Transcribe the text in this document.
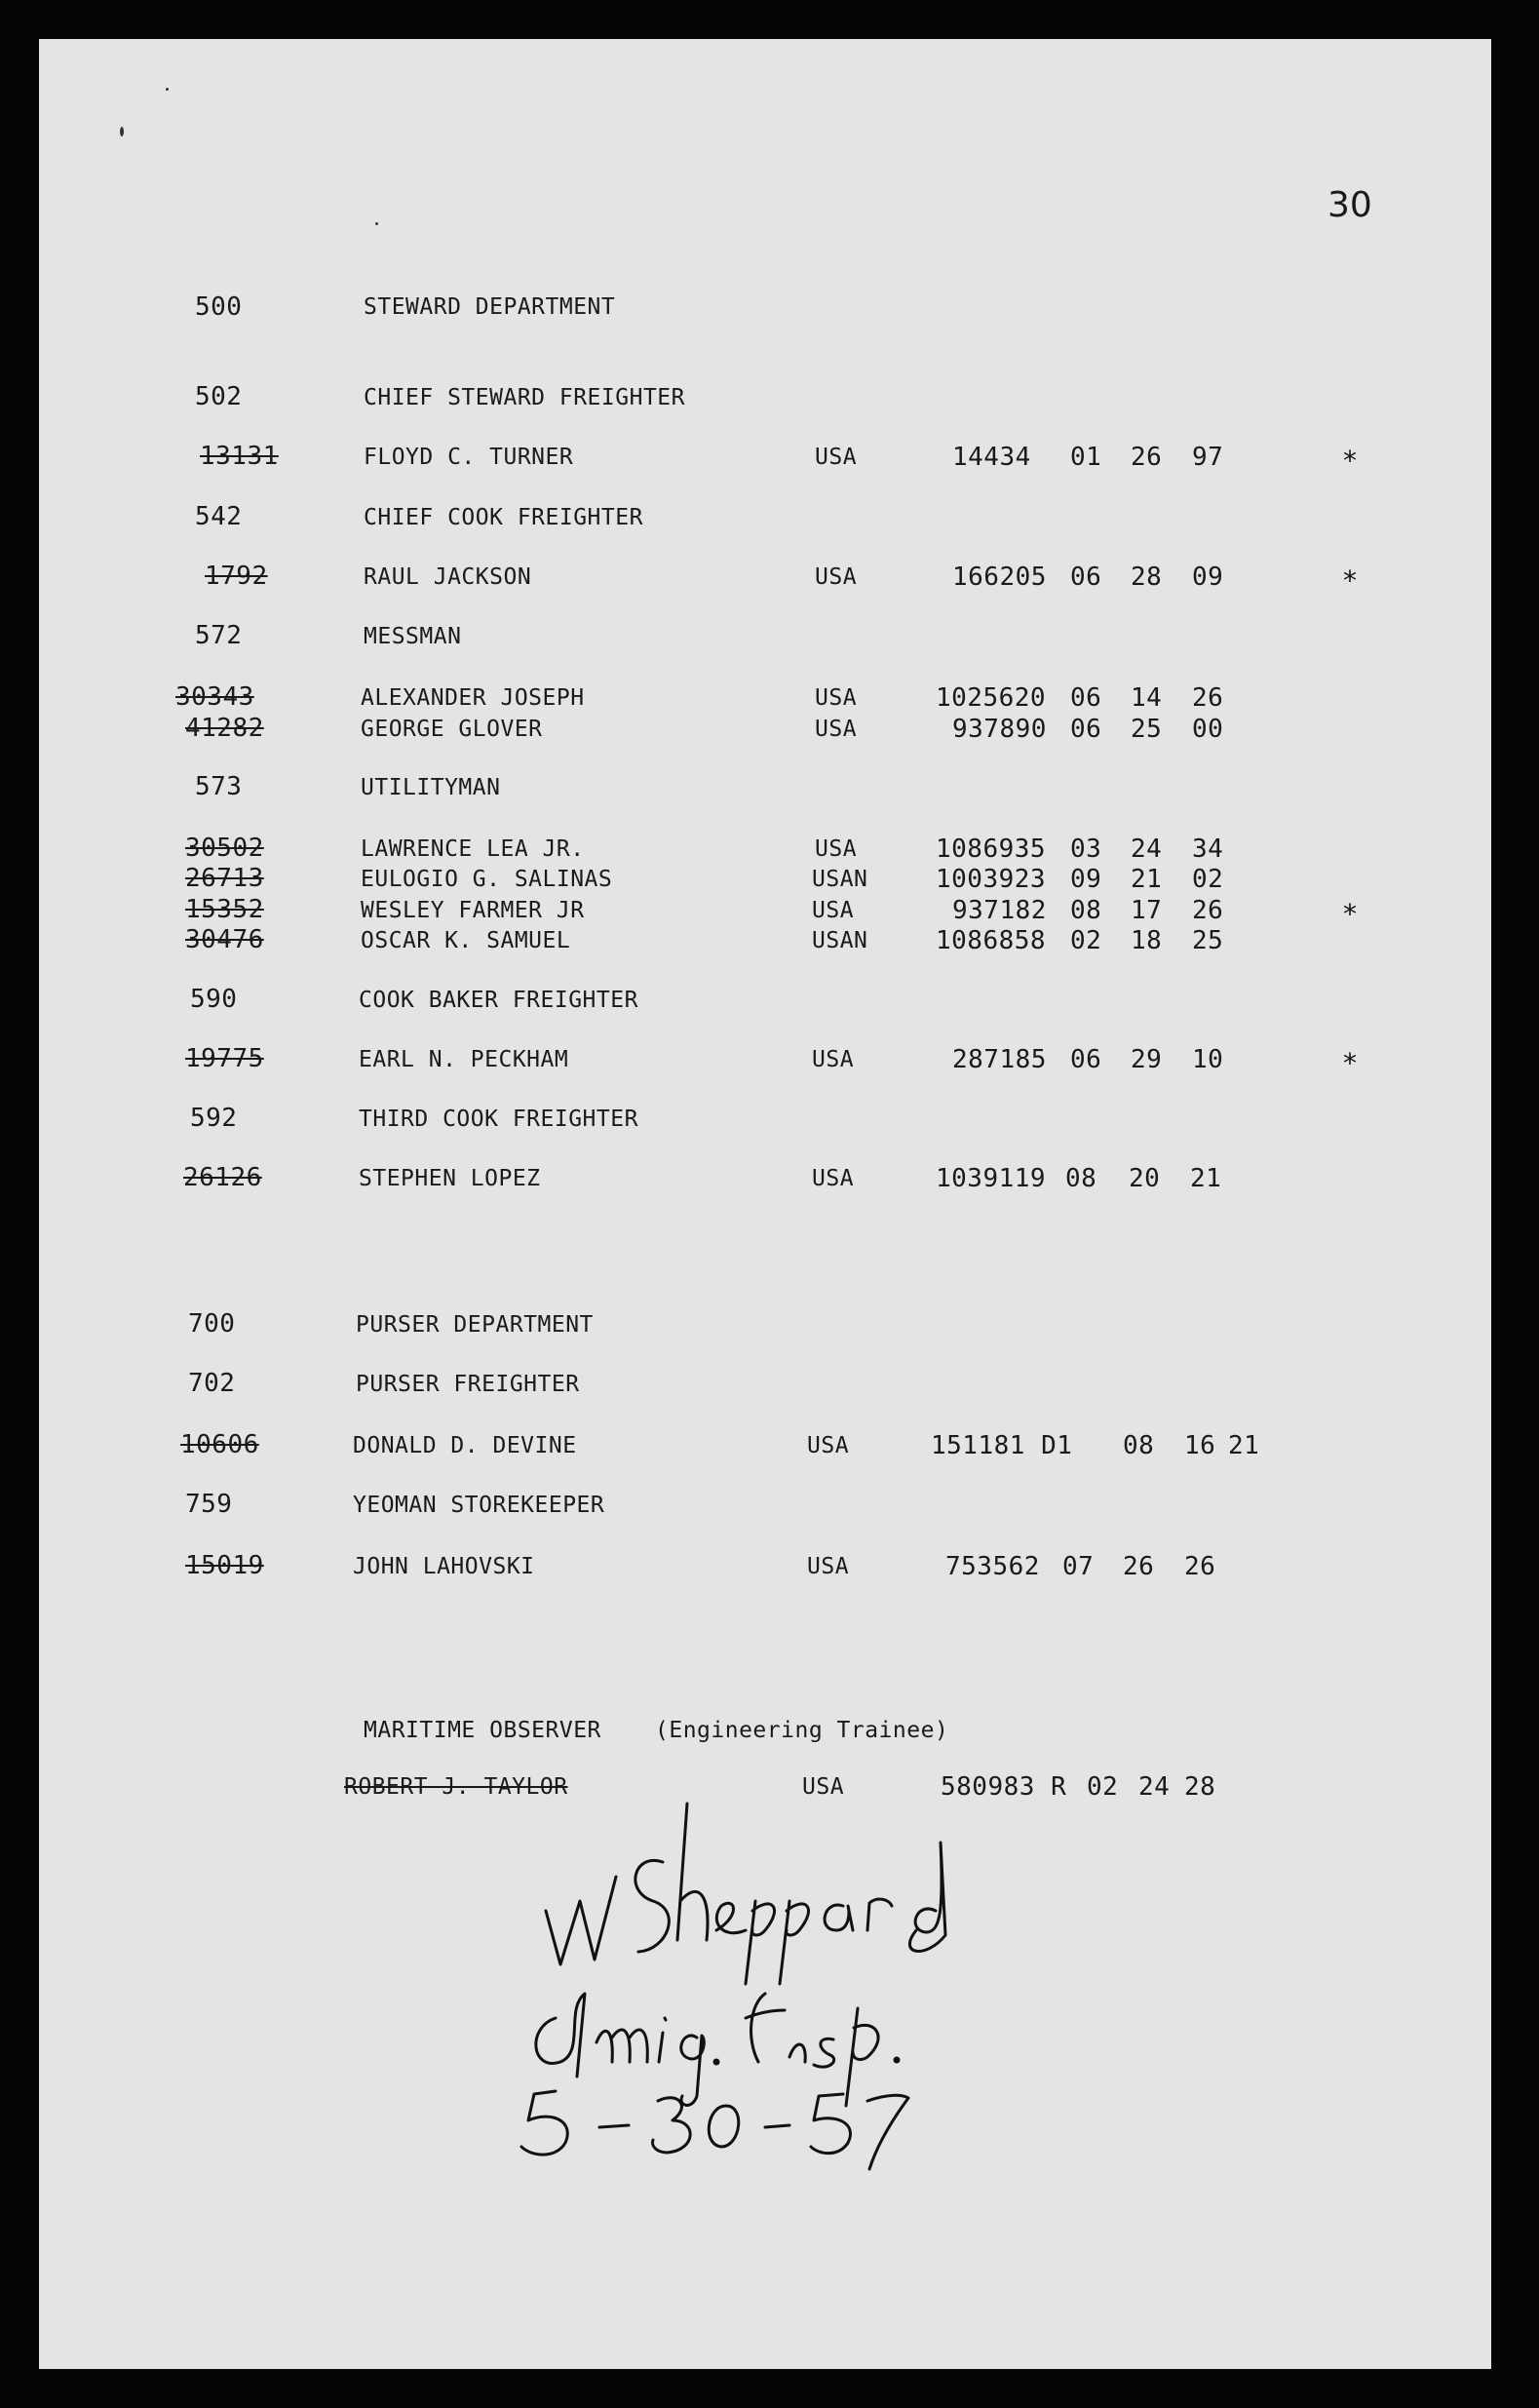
30
500	STEWARD DEPARTMENT
502	CHIEF STEWARD FREIGHTER
13131	FLOYD C. TURNER	USA	14434 01 26 97	*
542	CHIEF COOK FREIGHTER
1792	RAUL JACKSON	USA	166205 06 28 09	*
572	MESSMAN
30343	ALEXANDER JOSEPH	USA	1025620 06 14 26
41282	GEORGE GLOVER	USA	937890 06 25 00
573	UTILITYMAN
30502	LAWRENCE LEA JR.	USA	1086935 03 24 34
26713	EULOGIO G. SALINAS	USAN	1003923 09 21 02
15352	WESLEY FARMER JR	USA	937182 08 17 26	*
30476	OSCAR K. SAMUEL	USAN	1086858 02 18 25
590	COOK BAKER FREIGHTER
19775	EARL N. PECKHAM	USA	287185 06 29 10	*
592	THIRD COOK FREIGHTER
26126	STEPHEN LOPEZ	USA	1039119 08 20 21
700	PURSER DEPARTMENT
702	PURSER FREIGHTER
10606	DONALD D. DEVINE	USA	151181 D1 08 16 21
759	YEOMAN STOREKEEPER
15019	JOHN LAHOVSKI	USA	753562 07 26 26
MARITIME OBSERVER (Engineering Trainee)
ROBERT J. TAYLOR	USA	580983 R 02 24 28
